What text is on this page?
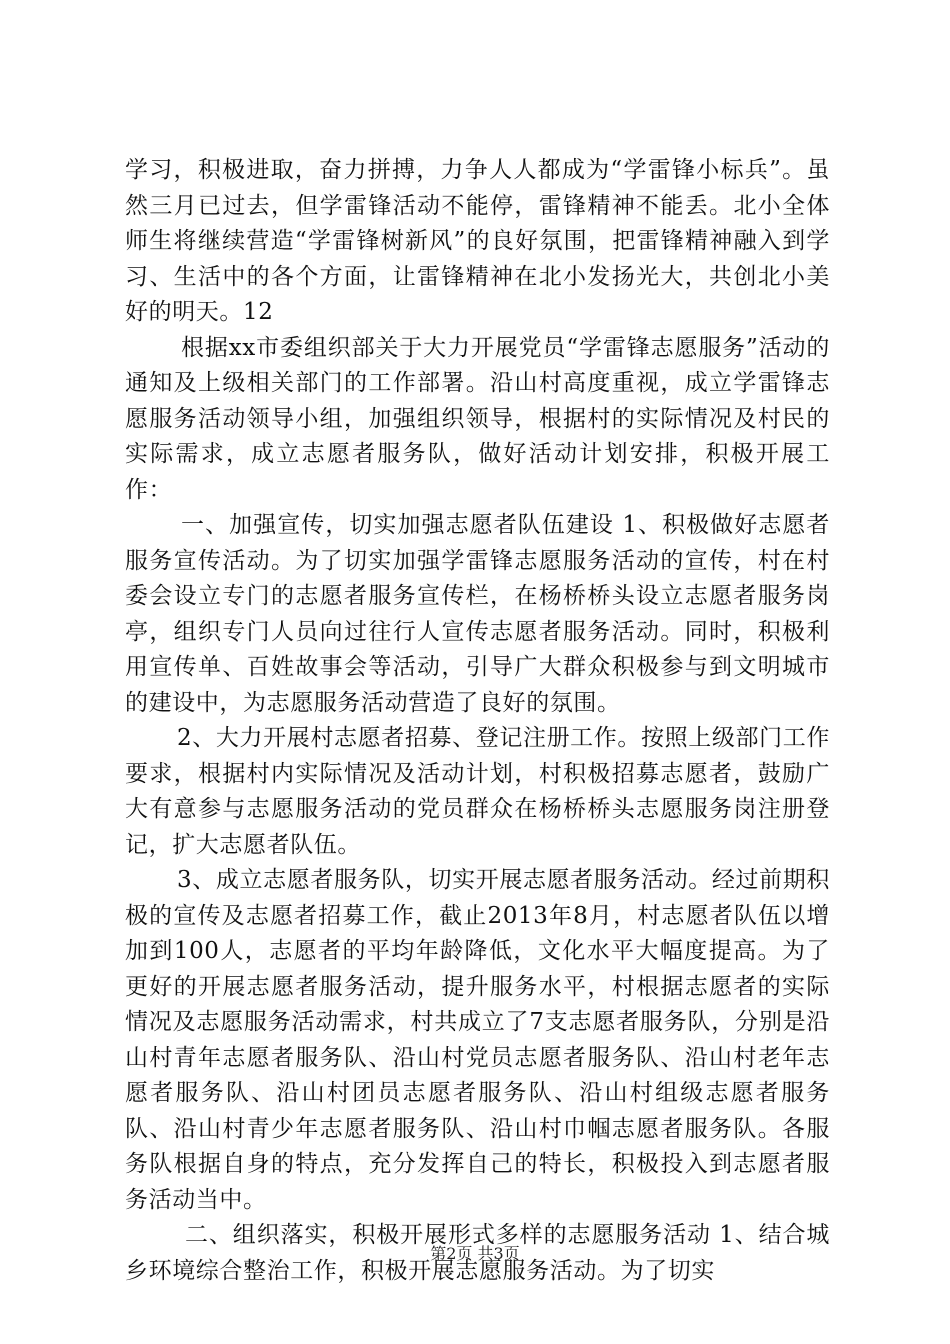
学习，积极进取，奋力拼搏，力争人人都成为“学雷锋小标兵”。虽然三月已过去，但学雷锋活动不能停，雷锋精神不能丢。北小全体师生将继续营造“学雷锋树新风”的良好氛围，把雷锋精神融入到学习、生活中的各个方面，让雷锋精神在北小发扬光大，共创北小美好的明天。12

根据xx市委组织部关于大力开展党员“学雷锋志愿服务”活动的通知及上级相关部门的工作部署。沿山村高度重视，成立学雷锋志愿服务活动领导小组，加强组织领导，根据村的实际情况及村民的实际需求，成立志愿者服务队，做好活动计划安排，积极开展工作：

一、加强宣传，切实加强志愿者队伍建设 1、积极做好志愿者服务宣传活动。为了切实加强学雷锋志愿服务活动的宣传，村在村委会设立专门的志愿者服务宣传栏，在杨桥桥头设立志愿者服务岗亭，组织专门人员向过往行人宣传志愿者服务活动。同时，积极利用宣传单、百姓故事会等活动，引导广大群众积极参与到文明城市的建设中，为志愿服务活动营造了良好的氛围。

2、大力开展村志愿者招募、登记注册工作。按照上级部门工作要求，根据村内实际情况及活动计划，村积极招募志愿者，鼓励广大有意参与志愿服务活动的党员群众在杨桥桥头志愿服务岗注册登记，扩大志愿者队伍。

3、成立志愿者服务队，切实开展志愿者服务活动。经过前期积极的宣传及志愿者招募工作，截止2013年8月，村志愿者队伍以增加到100人，志愿者的平均年龄降低，文化水平大幅度提高。为了更好的开展志愿者服务活动，提升服务水平，村根据志愿者的实际情况及志愿服务活动需求，村共成立了7支志愿者服务队，分别是沿山村青年志愿者服务队、沿山村党员志愿者服务队、沿山村老年志愿者服务队、沿山村团员志愿者服务队、沿山村组级志愿者服务队、沿山村青少年志愿者服务队、沿山村巾帼志愿者服务队。各服务队根据自身的特点，充分发挥自己的特长，积极投入到志愿者服务活动当中。

二、组织落实，积极开展形式多样的志愿服务活动 1、结合城乡环境综合整治工作，积极开展志愿服务活动。为了切实

第2页 共3页
